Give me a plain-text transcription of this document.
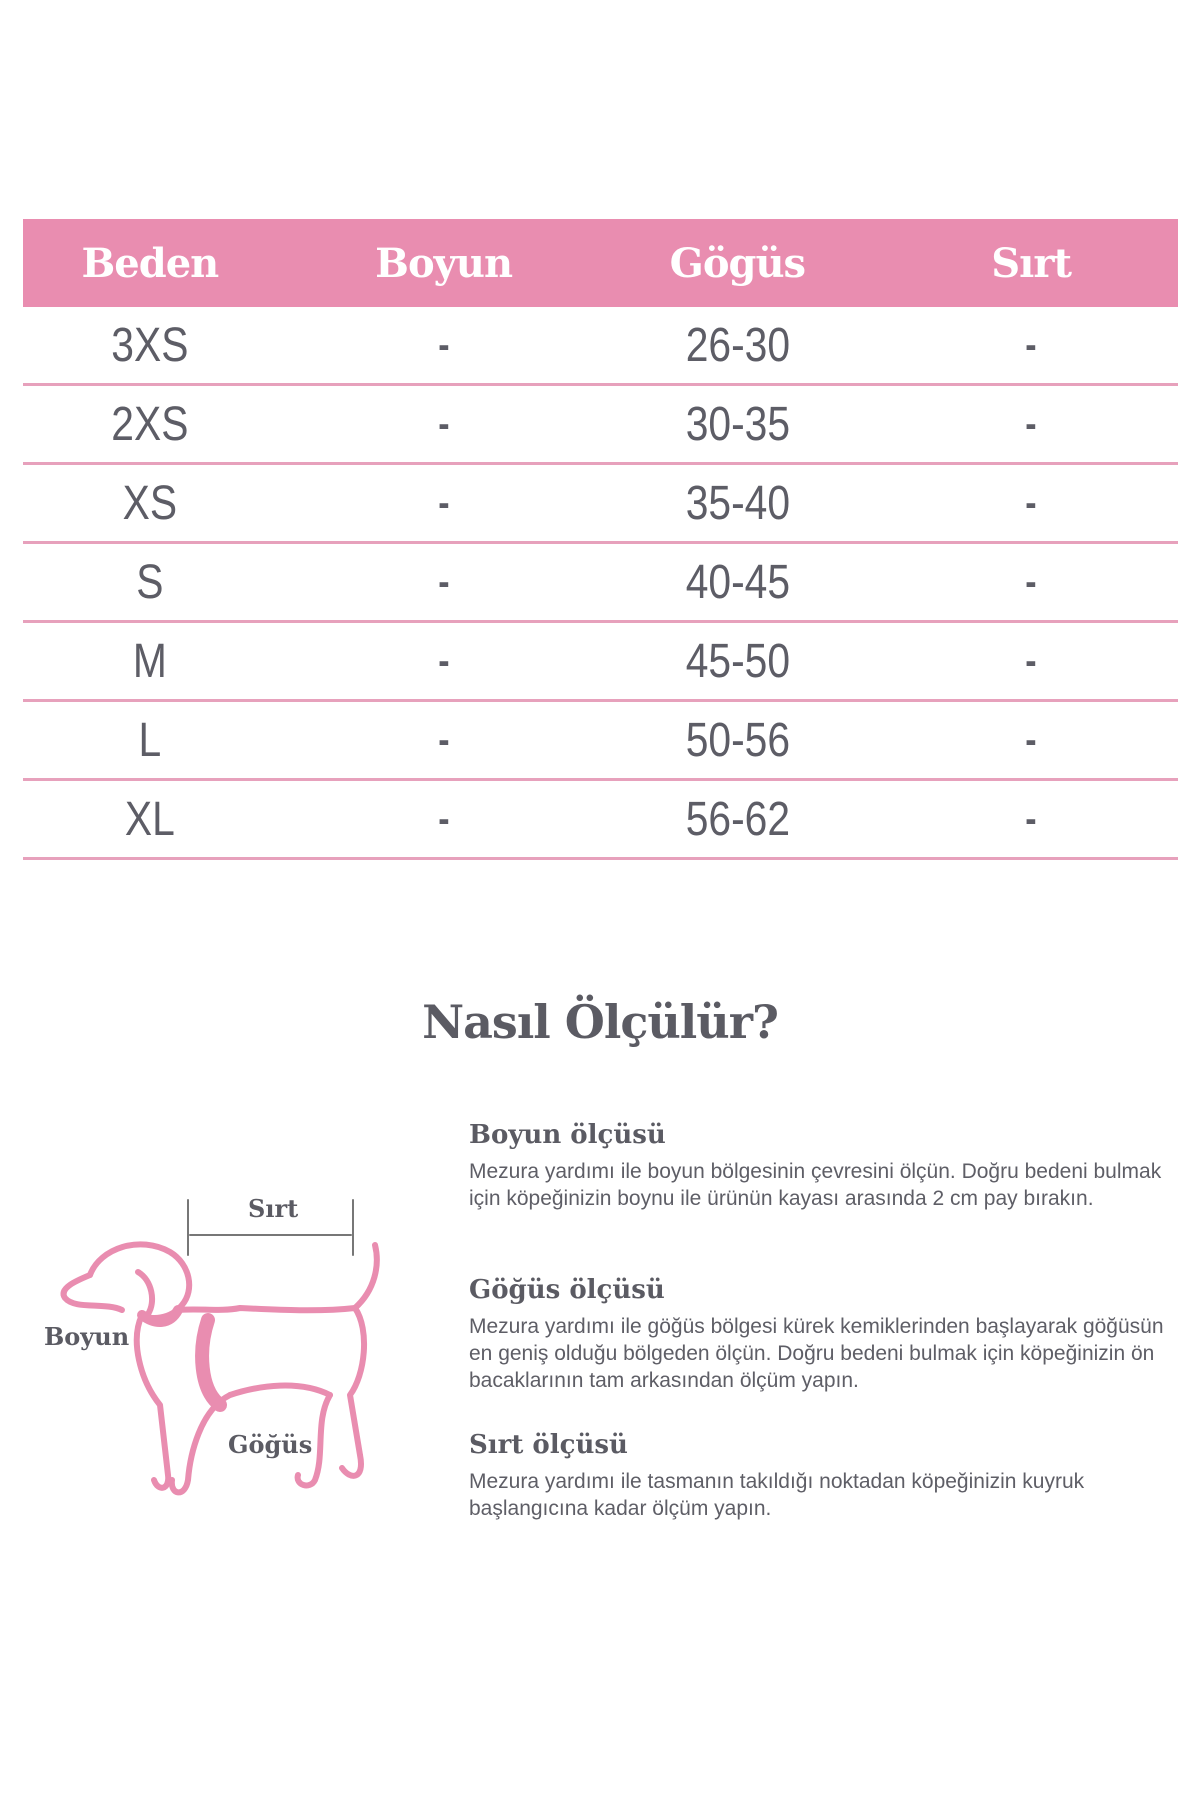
Beden	Boyun	Gögüs	Sırt
3XS	-	26-30	-
2XS	-	30-35	-
XS	-	35-40	-
S	-	40-45	-
M	-	45-50	-
L	-	50-56	-
XL	-	56-62	-
Nasıl Ölçülür?
Sırt
Boyun
Göğüs
Boyun ölçüsü

Mezura yardımı ile boyun bölgesinin çevresini ölçün. Doğru bedeni bulmak için köpeğinizin boynu ile ürünün kayası arasında 2 cm pay bırakın.

Göğüs ölçüsü

Mezura yardımı ile göğüs bölgesi kürek kemiklerinden başlayarak göğüsün en geniş olduğu bölgeden ölçün. Doğru bedeni bulmak için köpeğinizin ön bacaklarının tam arkasından ölçüm yapın.

Sırt ölçüsü

Mezura yardımı ile tasmanın takıldığı noktadan köpeğinizin kuyruk başlangıcına kadar ölçüm yapın.
